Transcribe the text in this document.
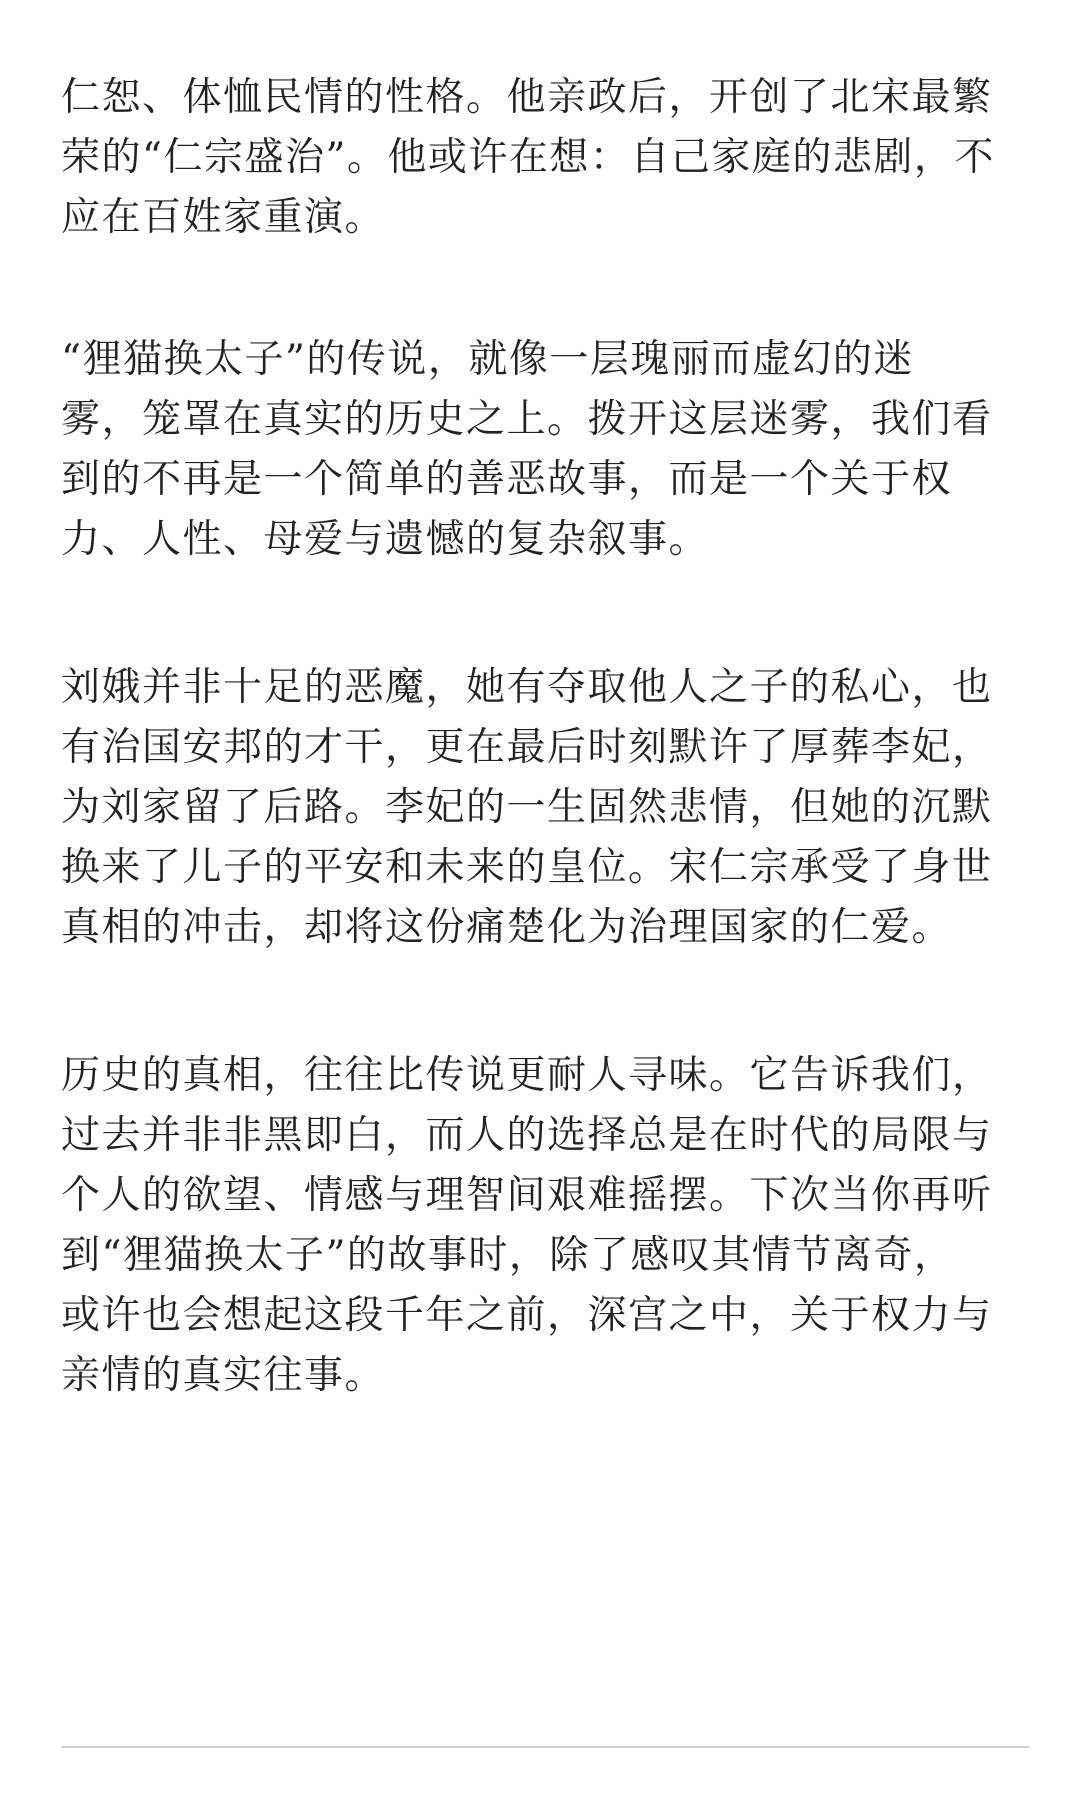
仁恕、体恤民情的性格。他亲政后，开创了北宋最繁
荣的“仁宗盛治”。他或许在想：自己家庭的悲剧，不
应在百姓家重演。

“狸猫换太子”的传说，就像一层瑰丽而虚幻的迷
雾，笼罩在真实的历史之上。拨开这层迷雾，我们看
到的不再是一个简单的善恶故事，而是一个关于权
力、人性、母爱与遗憾的复杂叙事。

刘娥并非十足的恶魔，她有夺取他人之子的私心，也
有治国安邦的才干，更在最后时刻默许了厚葬李妃，
为刘家留了后路。李妃的一生固然悲情，但她的沉默
换来了儿子的平安和未来的皇位。宋仁宗承受了身世
真相的冲击，却将这份痛楚化为治理国家的仁爱。

历史的真相，往往比传说更耐人寻味。它告诉我们，
过去并非非黑即白，而人的选择总是在时代的局限与
个人的欲望、情感与理智间艰难摇摆。下次当你再听
到“狸猫换太子”的故事时，除了感叹其情节离奇，
或许也会想起这段千年之前，深宫之中，关于权力与
亲情的真实往事。
